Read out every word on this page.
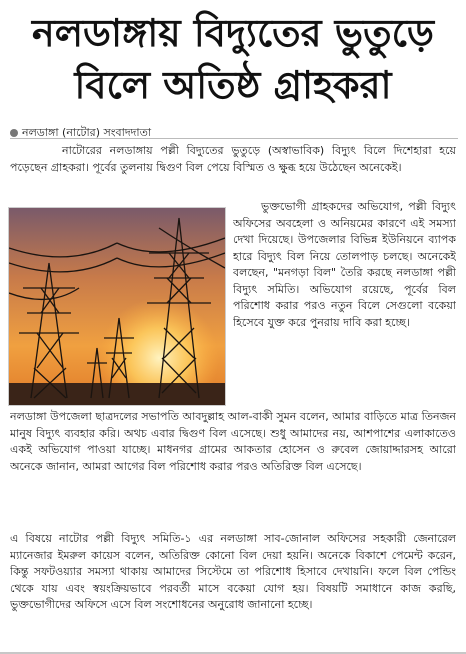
নলডাঙ্গায় বিদ্যুতের ভুতুড়ে
বিলে অতিষ্ঠ গ্রাহকরা
নলডাঙ্গা (নাটোর) সংবাদদাতা
নাটোরের নলডাঙ্গায় পল্লী বিদ্যুতের ভুতুড়ে (অস্বাভাবিক) বিদ্যুৎ বিলে দিশেহারা হয়ে পড়েছেন গ্রাহকরা। পূর্বের তুলনায় দ্বিগুণ বিল পেয়ে বিস্মিত ও ক্ষুব্ধ হয়ে উঠেছেন অনেকেই।
ভুক্তভোগী গ্রাহকদের অভিযোগ, পল্লী বিদ্যুৎ অফিসের অবহেলা ও অনিয়মের কারণে এই সমস্যা দেখা দিয়েছে। উপজেলার বিভিন্ন ইউনিয়নে ব্যাপক হারে বিদ্যুৎ বিল নিয়ে তোলপাড় চলছে। অনেকেই বলছেন, "মনগড়া বিল" তৈরি করছে নলডাঙ্গা পল্লী বিদ্যুৎ সমিতি। অভিযোগ রয়েছে, পূর্বের বিল পরিশোধ করার পরও নতুন বিলে সেগুলো বকেয়া হিসেবে যুক্ত করে পুনরায় দাবি করা হচ্ছে।
নলডাঙ্গা উপজেলা ছাত্রদলের সভাপতি আবদুল্লাহ আল-বাকী সুমন বলেন, আমার বাড়িতে মাত্র তিনজন মানুষ বিদ্যুৎ ব্যবহার করি। অথচ এবার দ্বিগুণ বিল এসেছে। শুধু আমাদের নয়, আশপাশের এলাকাতেও একই অভিযোগ পাওয়া যাচ্ছে। মাধনগর গ্রামের আকতার হোসেন ও রুবেল জোয়াদ্দারসহ আরো অনেকে জানান, আমরা আগের বিল পরিশোধ করার পরও অতিরিক্ত বিল এসেছে।
এ বিষয়ে নাটোর পল্লী বিদ্যুৎ সমিতি-১ এর নলডাঙ্গা সাব-জোনাল অফিসের সহকারী জেনারেল ম্যানেজার ইমরুল কায়েস বলেন, অতিরিক্ত কোনো বিল দেয়া হয়নি। অনেকে বিকাশে পেমেন্ট করেন, কিন্তু সফটওয়্যার সমস্যা থাকায় আমাদের সিস্টেমে তা পরিশোধ হিসাবে দেখায়নি। ফলে বিল পেন্ডিং থেকে যায় এবং স্বয়ংক্রিয়ভাবে পরবর্তী মাসে বকেয়া যোগ হয়। বিষয়টি সমাধানে কাজ করছি, ভুক্তভোগীদের অফিসে এসে বিল সংশোধনের অনুরোধ জানানো হচ্ছে।
